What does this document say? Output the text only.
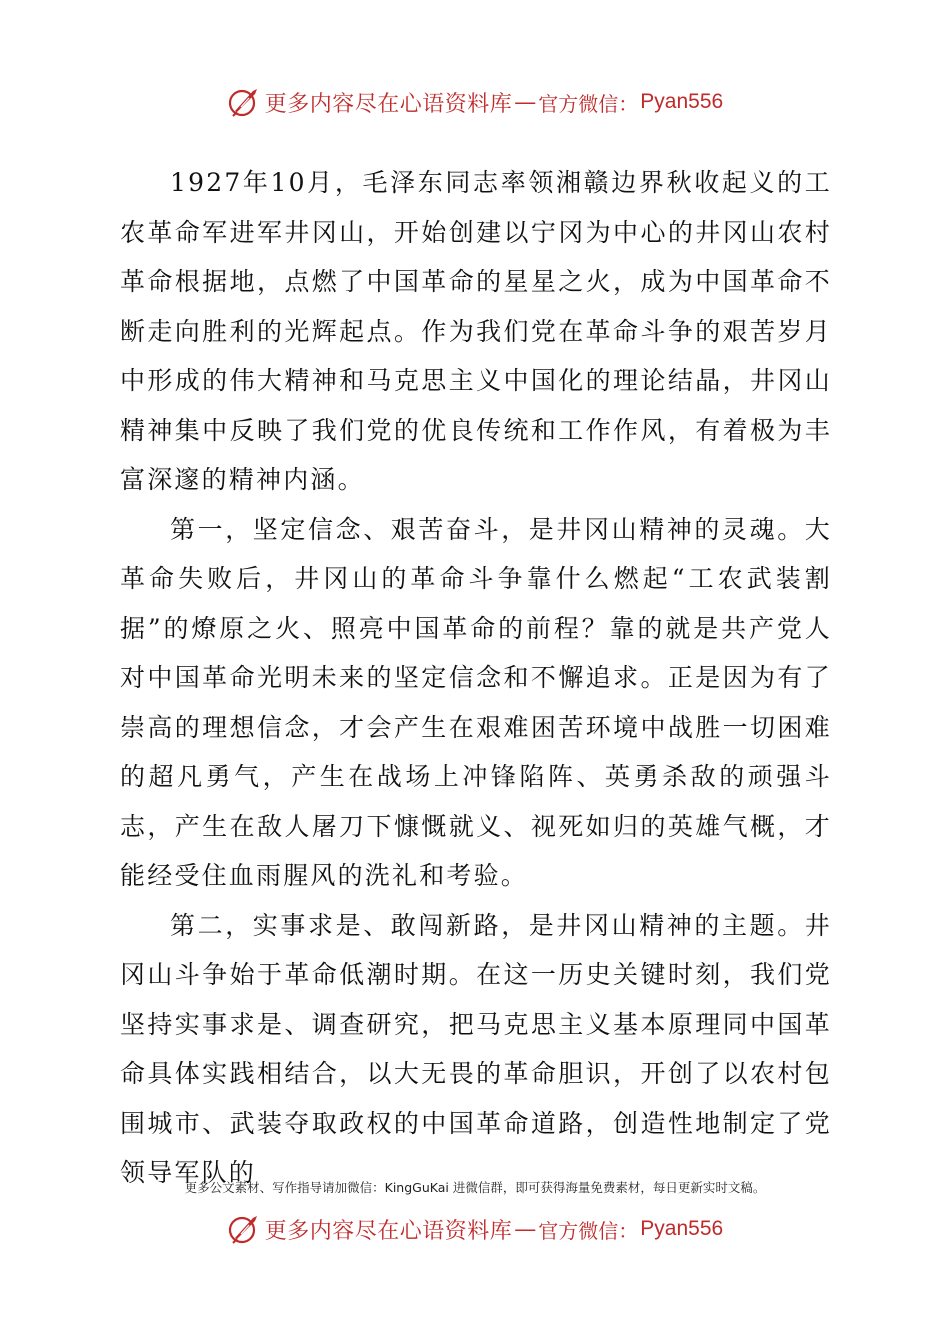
更多内容尽在心语资料库 — 官方微信： Pyan556

1927年10月，毛泽东同志率领湘赣边界秋收起义的工农革命军进军井冈山，开始创建以宁冈为中心的井冈山农村革命根据地，点燃了中国革命的星星之火，成为中国革命不断走向胜利的光辉起点。作为我们党在革命斗争的艰苦岁月中形成的伟大精神和马克思主义中国化的理论结晶，井冈山精神集中反映了我们党的优良传统和工作作风，有着极为丰富深邃的精神内涵。

第一，坚定信念、艰苦奋斗，是井冈山精神的灵魂。大革命失败后，井冈山的革命斗争靠什么燃起“工农武装割据”的燎原之火、照亮中国革命的前程？靠的就是共产党人对中国革命光明未来的坚定信念和不懈追求。正是因为有了崇高的理想信念，才会产生在艰难困苦环境中战胜一切困难的超凡勇气，产生在战场上冲锋陷阵、英勇杀敌的顽强斗志，产生在敌人屠刀下慷慨就义、视死如归的英雄气概，才能经受住血雨腥风的洗礼和考验。

第二，实事求是、敢闯新路，是井冈山精神的主题。井冈山斗争始于革命低潮时期。在这一历史关键时刻，我们党坚持实事求是、调查研究，把马克思主义基本原理同中国革命具体实践相结合，以大无畏的革命胆识，开创了以农村包围城市、武装夺取政权的中国革命道路，创造性地制定了党领导军队的

更多公文素材、写作指导请加微信：KingGuKai 进微信群，即可获得海量免费素材，每日更新实时文稿。
更多内容尽在心语资料库 — 官方微信： Pyan556
